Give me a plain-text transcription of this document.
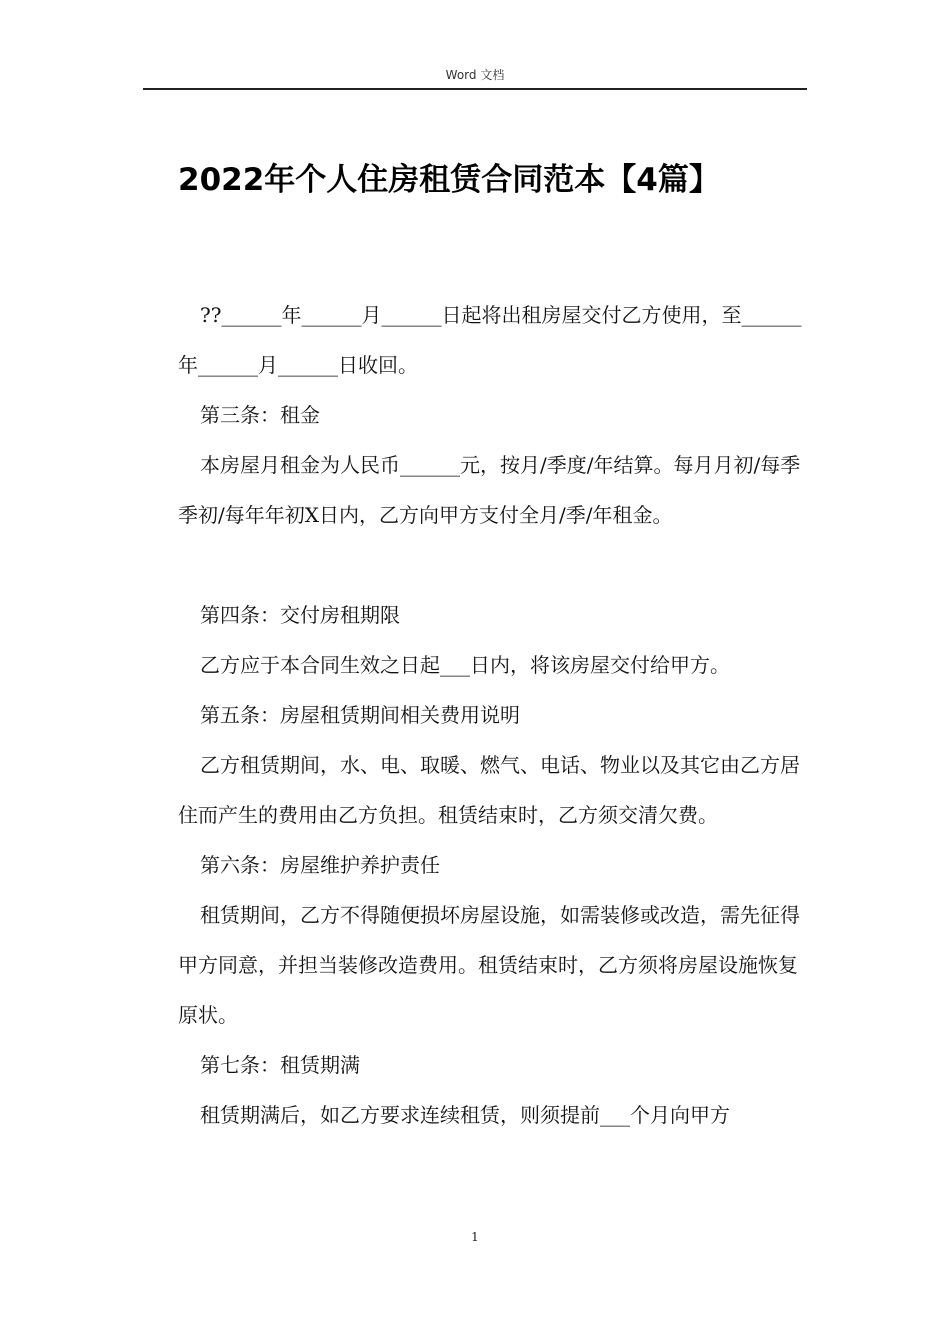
Word 文档
2022年个人住房租赁合同范本【4篇】

??______年______月______日起将出租房屋交付乙方使用，至______年______月______日收回。

第三条：租金

本房屋月租金为人民币______元，按月/季度/年结算。每月月初/每季季初/每年年初X日内，乙方向甲方支付全月/季/年租金。

第四条：交付房租期限

乙方应于本合同生效之日起___日内，将该房屋交付给甲方。

第五条：房屋租赁期间相关费用说明

乙方租赁期间，水、电、取暖、燃气、电话、物业以及其它由乙方居住而产生的费用由乙方负担。租赁结束时，乙方须交清欠费。

第六条：房屋维护养护责任

租赁期间，乙方不得随便损坏房屋设施，如需装修或改造，需先征得甲方同意，并担当装修改造费用。租赁结束时，乙方须将房屋设施恢复原状。

第七条：租赁期满

租赁期满后，如乙方要求连续租赁，则须提前___个月向甲方

1
